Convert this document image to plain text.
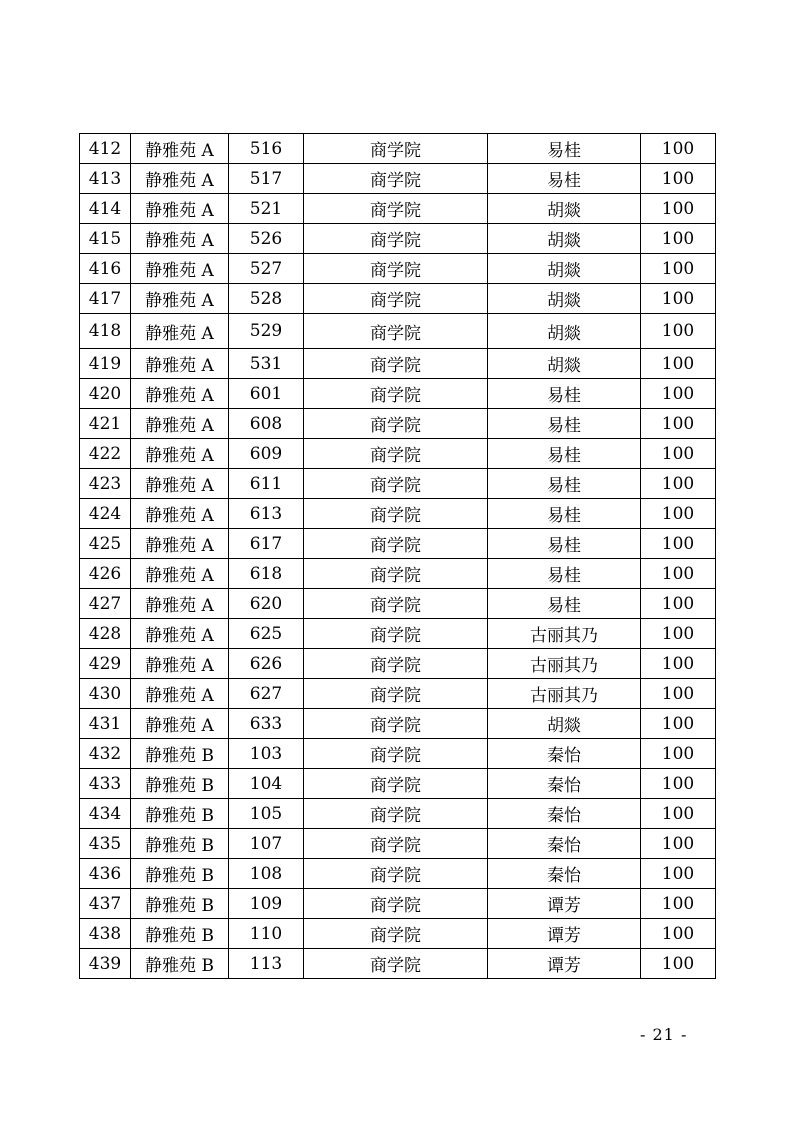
412	静雅苑 A	516	商学院	易桂	100
413	静雅苑 A	517	商学院	易桂	100
414	静雅苑 A	521	商学院	胡燚	100
415	静雅苑 A	526	商学院	胡燚	100
416	静雅苑 A	527	商学院	胡燚	100
417	静雅苑 A	528	商学院	胡燚	100
418	静雅苑 A	529	商学院	胡燚	100
419	静雅苑 A	531	商学院	胡燚	100
420	静雅苑 A	601	商学院	易桂	100
421	静雅苑 A	608	商学院	易桂	100
422	静雅苑 A	609	商学院	易桂	100
423	静雅苑 A	611	商学院	易桂	100
424	静雅苑 A	613	商学院	易桂	100
425	静雅苑 A	617	商学院	易桂	100
426	静雅苑 A	618	商学院	易桂	100
427	静雅苑 A	620	商学院	易桂	100
428	静雅苑 A	625	商学院	古丽其乃	100
429	静雅苑 A	626	商学院	古丽其乃	100
430	静雅苑 A	627	商学院	古丽其乃	100
431	静雅苑 A	633	商学院	胡燚	100
432	静雅苑 B	103	商学院	秦怡	100
433	静雅苑 B	104	商学院	秦怡	100
434	静雅苑 B	105	商学院	秦怡	100
435	静雅苑 B	107	商学院	秦怡	100
436	静雅苑 B	108	商学院	秦怡	100
437	静雅苑 B	109	商学院	谭芳	100
438	静雅苑 B	110	商学院	谭芳	100
439	静雅苑 B	113	商学院	谭芳	100
- 21 -
